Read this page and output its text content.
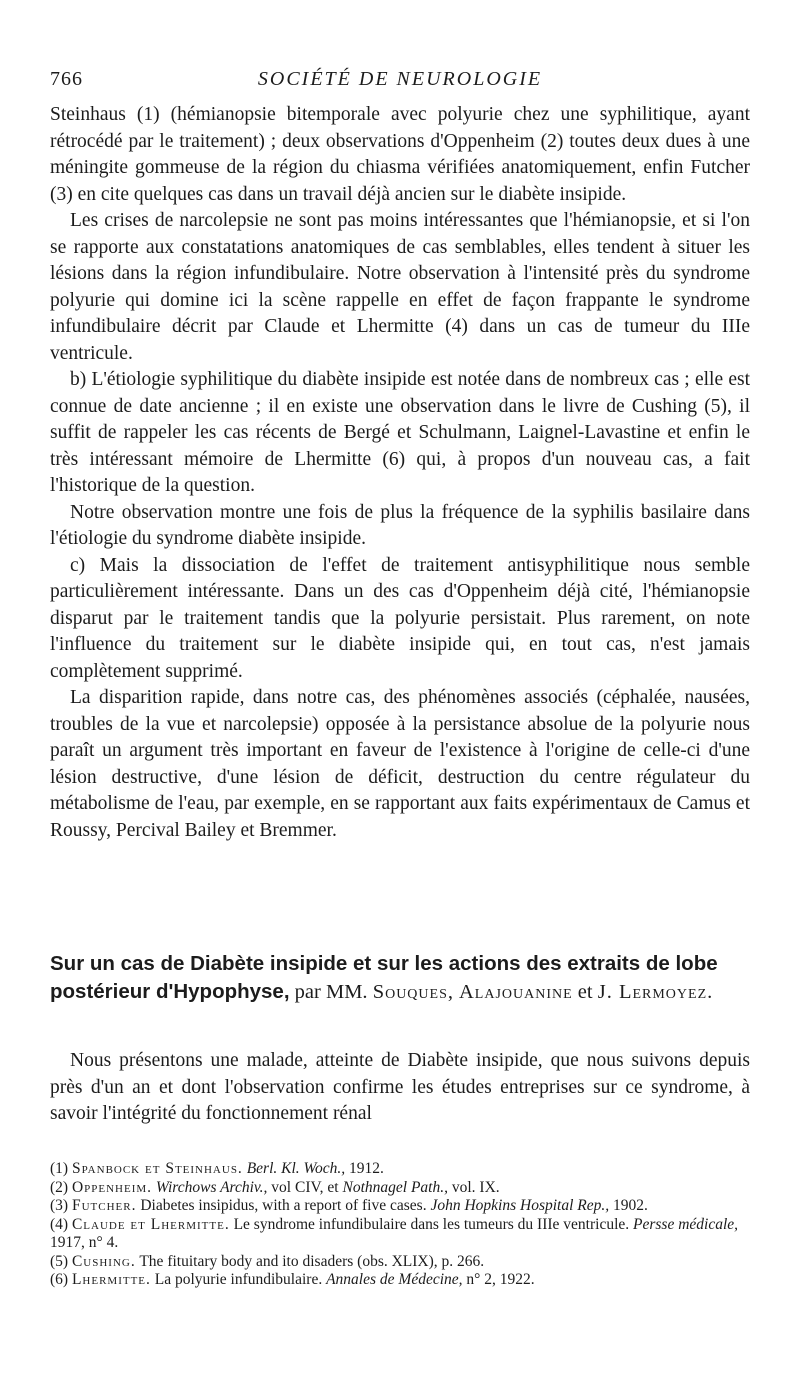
766	SOCIÉTÉ DE NEUROLOGIE

Steinhaus (1) (hémianopsie bitemporale avec polyurie chez une syphilitique, ayant rétrocédé par le traitement) ; deux observations d'Oppenheim (2) toutes deux dues à une méningite gommeuse de la région du chiasma vérifiées anatomiquement, enfin Futcher (3) en cite quelques cas dans un travail déjà ancien sur le diabète insipide.

Les crises de narcolepsie ne sont pas moins intéressantes que l'hémianopsie, et si l'on se rapporte aux constatations anatomiques de cas semblables, elles tendent à situer les lésions dans la région infundibulaire. Notre observation à l'intensité près du syndrome polyurie qui domine ici la scène rappelle en effet de façon frappante le syndrome infundibulaire décrit par Claude et Lhermitte (4) dans un cas de tumeur du IIIe ventricule.

b) L'étiologie syphilitique du diabète insipide est notée dans de nombreux cas ; elle est connue de date ancienne ; il en existe une observation dans le livre de Cushing (5), il suffit de rappeler les cas récents de Bergé et Schulmann, Laignel-Lavastine et enfin le très intéressant mémoire de Lhermitte (6) qui, à propos d'un nouveau cas, a fait l'historique de la question.

Notre observation montre une fois de plus la fréquence de la syphilis basilaire dans l'étiologie du syndrome diabète insipide.

c) Mais la dissociation de l'effet de traitement antisyphilitique nous semble particulièrement intéressante. Dans un des cas d'Oppenheim déjà cité, l'hémianopsie disparut par le traitement tandis que la polyurie persistait. Plus rarement, on note l'influence du traitement sur le diabète insipide qui, en tout cas, n'est jamais complètement supprimé.

La disparition rapide, dans notre cas, des phénomènes associés (céphalée, nausées, troubles de la vue et narcolepsie) opposée à la persistance absolue de la polyurie nous paraît un argument très important en faveur de l'existence à l'origine de celle-ci d'une lésion destructive, d'une lésion de déficit, destruction du centre régulateur du métabolisme de l'eau, par exemple, en se rapportant aux faits expérimentaux de Camus et Roussy, Percival Bailey et Bremmer.

Sur un cas de Diabète insipide et sur les actions des extraits de lobe postérieur d'Hypophyse, par MM. Souques, Alajouanine et J. Lermoyez.

Nous présentons une malade, atteinte de Diabète insipide, que nous suivons depuis près d'un an et dont l'observation confirme les études entreprises sur ce syndrome, à savoir l'intégrité du fonctionnement rénal

(1) Spanbock et Steinhaus. Berl. Kl. Woch., 1912.

(2) Oppenheim. Wirchows Archiv., vol CIV, et Nothnagel Path., vol. IX.

(3) Futcher. Diabetes insipidus, with a report of five cases. John Hopkins Hospital Rep., 1902.

(4) Claude et Lhermitte. Le syndrome infundibulaire dans les tumeurs du IIIe ventricule. Persse médicale, 1917, n° 4.

(5) Cushing. The fituitary body and ito disaders (obs. XLIX), p. 266.

(6) Lhermitte. La polyurie infundibulaire. Annales de Médecine, n° 2, 1922.
